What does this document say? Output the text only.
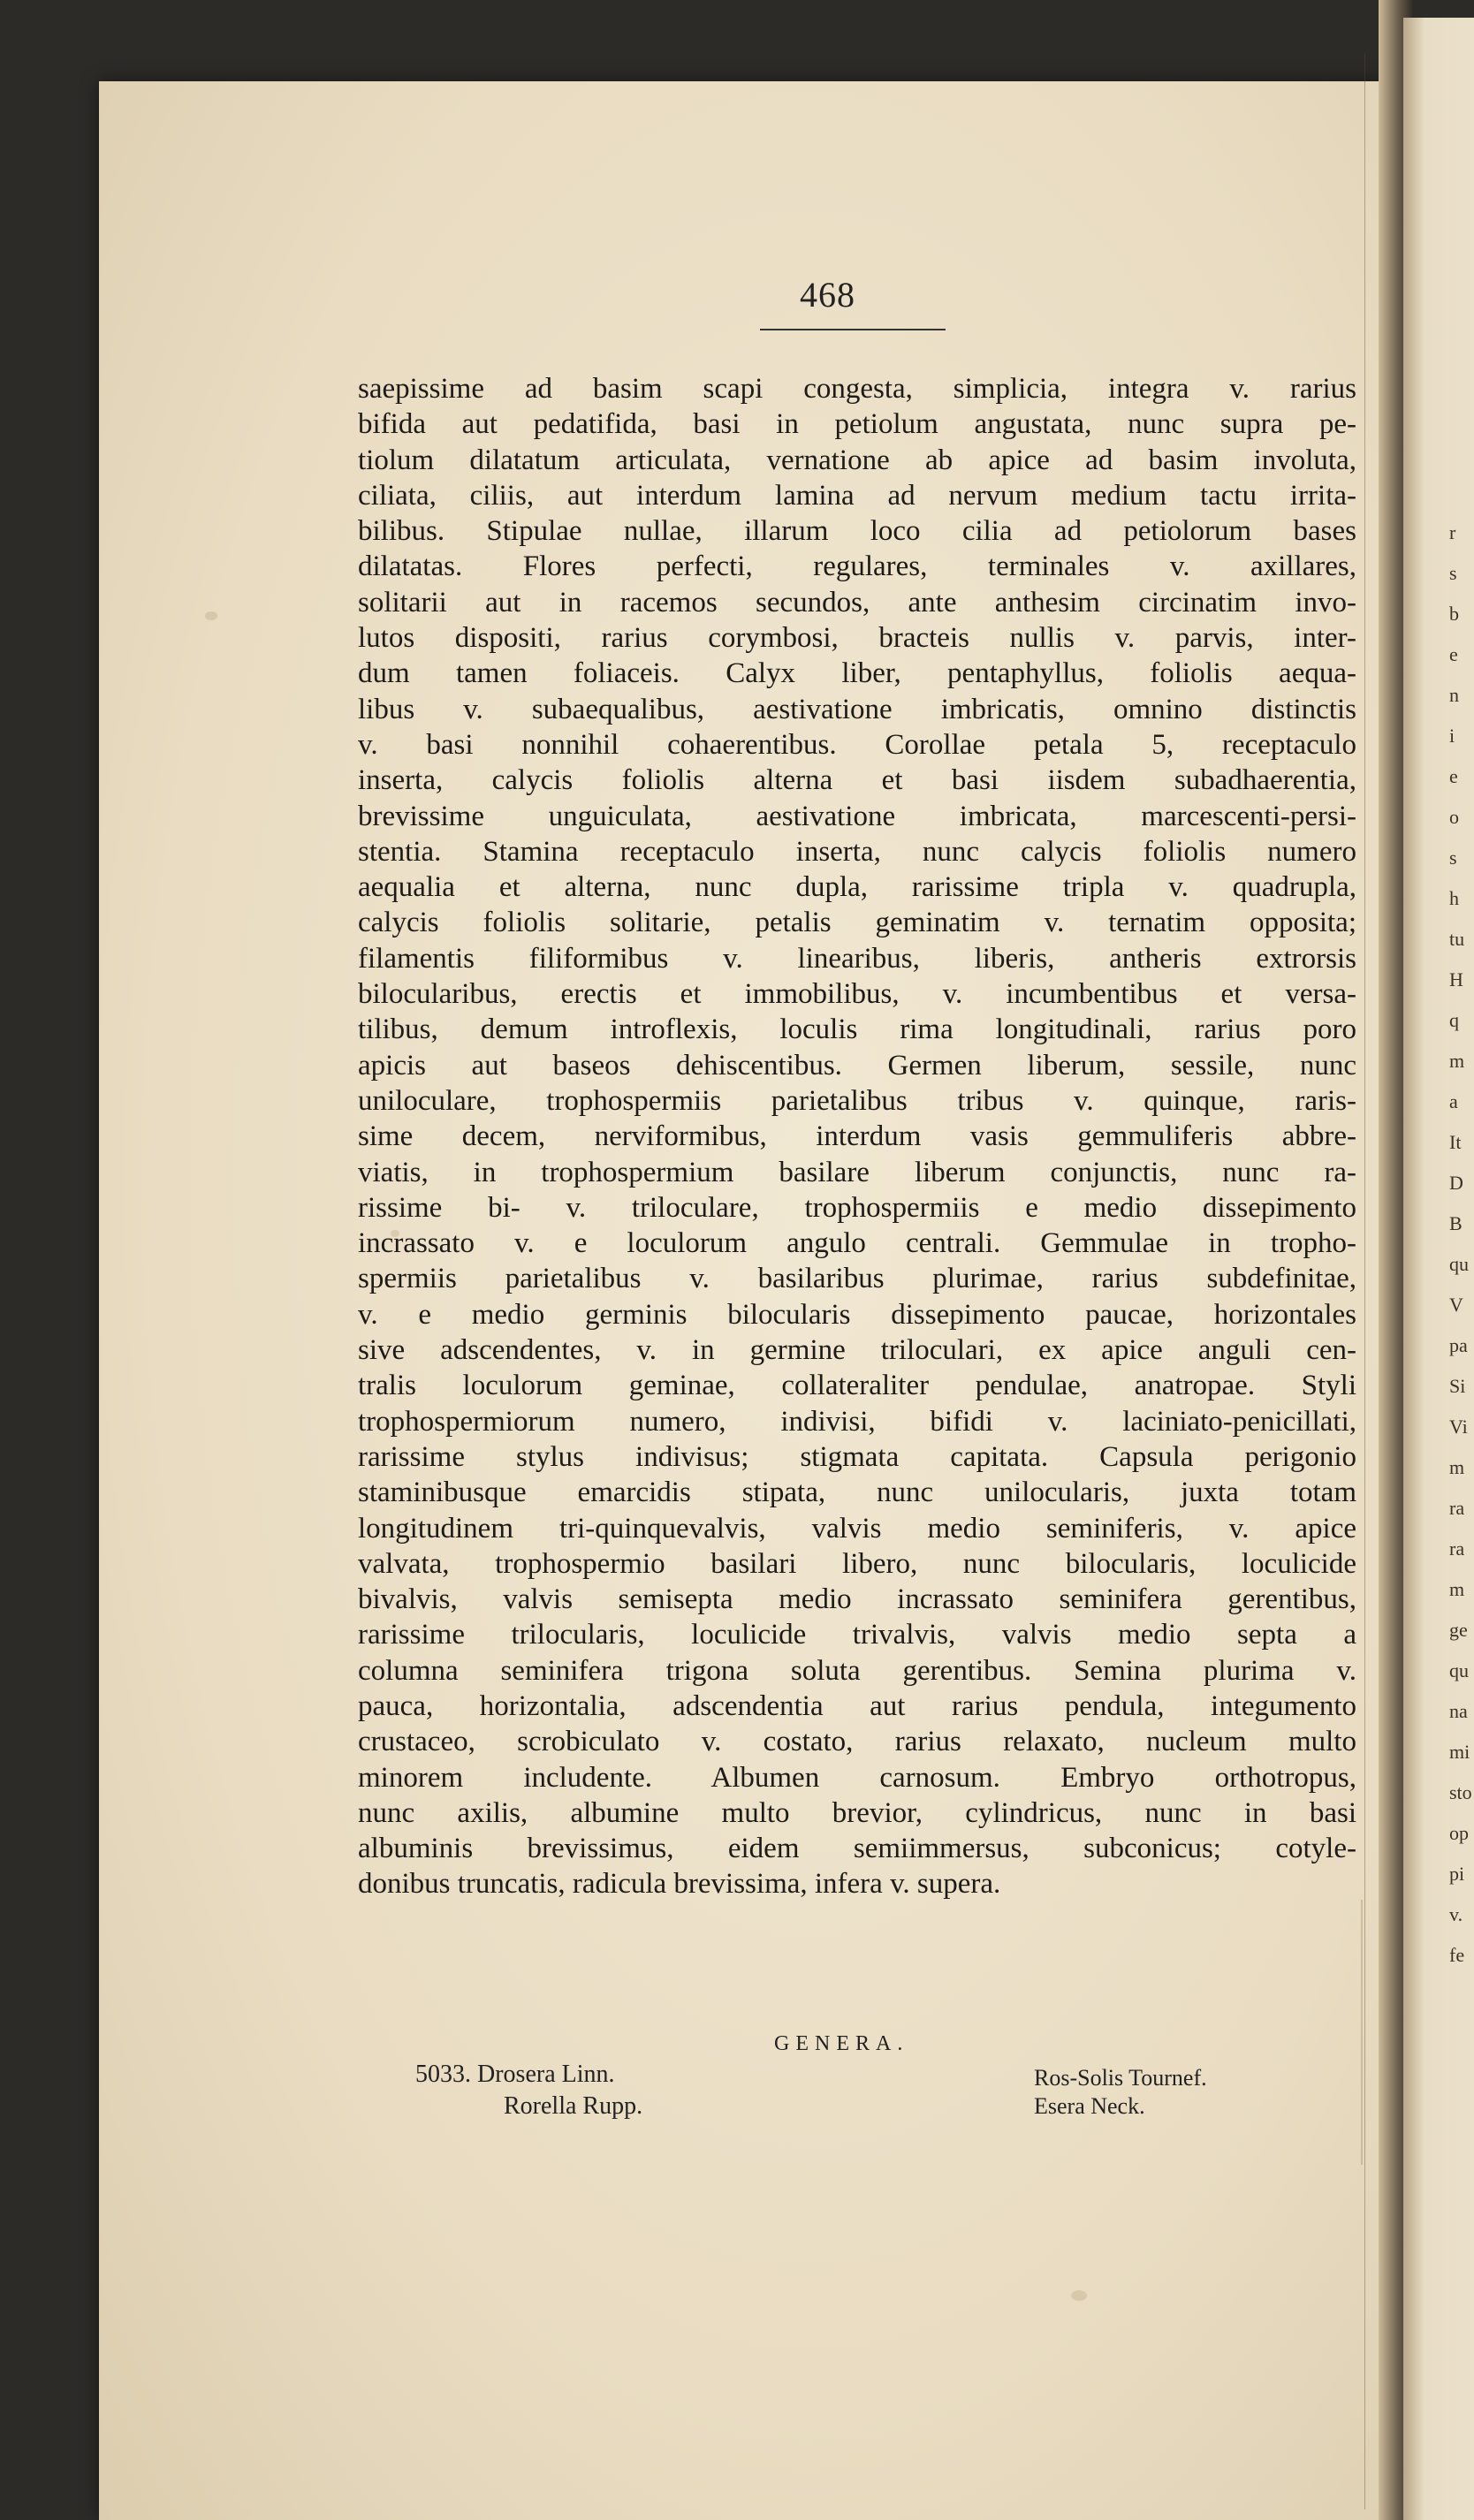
468
saepissime ad basim scapi congesta, simplicia, integra v. rarius
bifida aut pedatifida, basi in petiolum angustata, nunc supra pe-
tiolum dilatatum articulata, vernatione ab apice ad basim involuta,
ciliata, ciliis, aut interdum lamina ad nervum medium tactu irrita-
bilibus. Stipulae nullae, illarum loco cilia ad petiolorum bases
dilatatas. Flores perfecti, regulares, terminales v. axillares,
solitarii aut in racemos secundos, ante anthesim circinatim invo-
lutos dispositi, rarius corymbosi, bracteis nullis v. parvis, inter-
dum tamen foliaceis. Calyx liber, pentaphyllus, foliolis aequa-
libus v. subaequalibus, aestivatione imbricatis, omnino distinctis
v. basi nonnihil cohaerentibus. Corollae petala 5, receptaculo
inserta, calycis foliolis alterna et basi iisdem subadhaerentia,
brevissime unguiculata, aestivatione imbricata, marcescenti-persi-
stentia. Stamina receptaculo inserta, nunc calycis foliolis numero
aequalia et alterna, nunc dupla, rarissime tripla v. quadrupla,
calycis foliolis solitarie, petalis geminatim v. ternatim opposita;
filamentis filiformibus v. linearibus, liberis, antheris extrorsis
bilocularibus, erectis et immobilibus, v. incumbentibus et versa-
tilibus, demum introflexis, loculis rima longitudinali, rarius poro
apicis aut baseos dehiscentibus. Germen liberum, sessile, nunc
uniloculare, trophospermiis parietalibus tribus v. quinque, raris-
sime decem, nerviformibus, interdum vasis gemmuliferis abbre-
viatis, in trophospermium basilare liberum conjunctis, nunc ra-
rissime bi- v. triloculare, trophospermiis e medio dissepimento
incrassato v. e loculorum angulo centrali. Gemmulae in tropho-
spermiis parietalibus v. basilaribus plurimae, rarius subdefinitae,
v. e medio germinis bilocularis dissepimento paucae, horizontales
sive adscendentes, v. in germine triloculari, ex apice anguli cen-
tralis loculorum geminae, collateraliter pendulae, anatropae. Styli
trophospermiorum numero, indivisi, bifidi v. laciniato-penicillati,
rarissime stylus indivisus; stigmata capitata. Capsula perigonio
staminibusque emarcidis stipata, nunc unilocularis, juxta totam
longitudinem tri-quinquevalvis, valvis medio seminiferis, v. apice
valvata, trophospermio basilari libero, nunc bilocularis, loculicide
bivalvis, valvis semisepta medio incrassato seminifera gerentibus,
rarissime trilocularis, loculicide trivalvis, valvis medio septa a
columna seminifera trigona soluta gerentibus. Semina plurima v.
pauca, horizontalia, adscendentia aut rarius pendula, integumento
crustaceo, scrobiculato v. costato, rarius relaxato, nucleum multo
minorem includente. Albumen carnosum. Embryo orthotropus,
nunc axilis, albumine multo brevior, cylindricus, nunc in basi
albuminis brevissimus, eidem semiimmersus, subconicus; cotyle-
donibus truncatis, radicula brevissima, infera v. supera.
GENERA.
5033. Drosera Linn.
Rorella Rupp.
Ros-Solis Tournef.
Esera Neck.
r
s
b
e
n
i
e
o
s
h
tu
H
q
m
a
It
D
B
qu
V
pa
Si
Vi
m
ra
ra
m
ge
qu
na
mi
sto
op
pi
v.
fe
